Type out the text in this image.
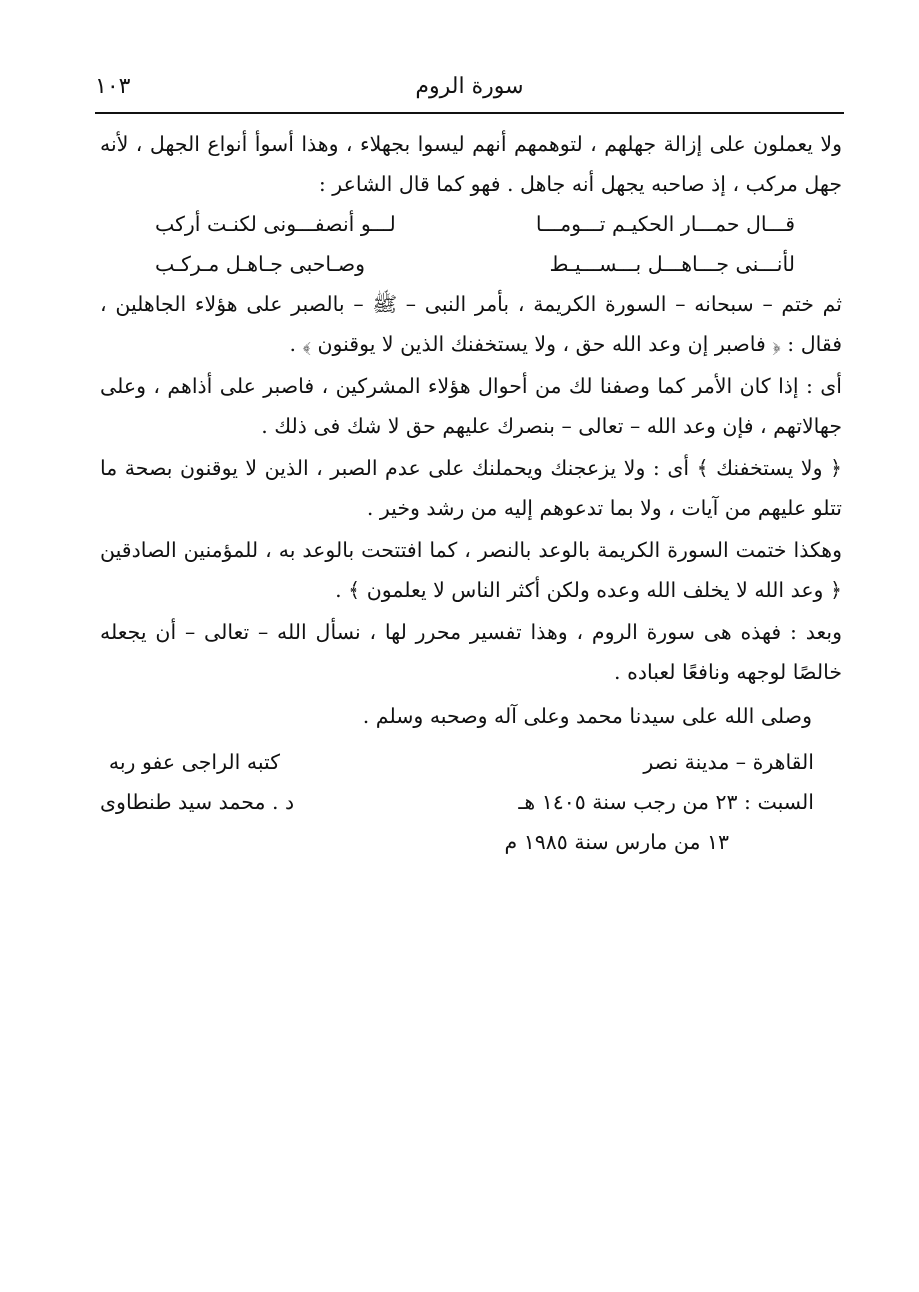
سورة الروم
١٠٣

ولا يعملون على إزالة جهلهم ، لتوهمهم أنهم ليسوا بجهلاء ، وهذا أسوأ أنواع الجهل ، لأنه جهل مركب ، إذ صاحبه يجهل أنه جاهل . فهو كما قال الشاعر :

قـــال حمـــار الحكيـم تـــومـــا
لـــو أنصفـــونى لكنـت أركب

لأنـــنى جـــاهـــل بـــســـيـط
وصـاحبى جـاهـل مـركـب

ثم ختم – سبحانه – السورة الكريمة ، بأمر النبى – ﷺ – بالصبر على هؤلاء الجاهلين ، فقال : ﴿ فاصبر إن وعد الله حق ، ولا يستخفنك الذين لا يوقنون ﴾ .

أى : إذا كان الأمر كما وصفنا لك من أحوال هؤلاء المشركين ، فاصبر على أذاهم ، وعلى جهالاتهم ، فإن وعد الله – تعالى – بنصرك عليهم حق لا شك فى ذلك .

﴿ ولا يستخفنك ﴾ أى : ولا يزعجنك ويحملنك على عدم الصبر ، الذين لا يوقنون بصحة ما تتلو عليهم من آيات ، ولا بما تدعوهم إليه من رشد وخير .

وهكذا ختمت السورة الكريمة بالوعد بالنصر ، كما افتتحت بالوعد به ، للمؤمنين الصادقين ﴿ وعد الله لا يخلف الله وعده ولكن أكثر الناس لا يعلمون ﴾ .

وبعد : فهذه هى سورة الروم ، وهذا تفسير محرر لها ، نسأل الله – تعالى – أن يجعله خالصًا لوجهه ونافعًا لعباده .

وصلى الله على سيدنا محمد وعلى آله وصحبه وسلم .

القاهرة – مدينة نصر
كتبه الراجى عفو ربه

السبت : ٢٣ من رجب سنة ١٤٠٥ هـ
د . محمد سيد طنطاوى

١٣ من مارس سنة ١٩٨٥ م
